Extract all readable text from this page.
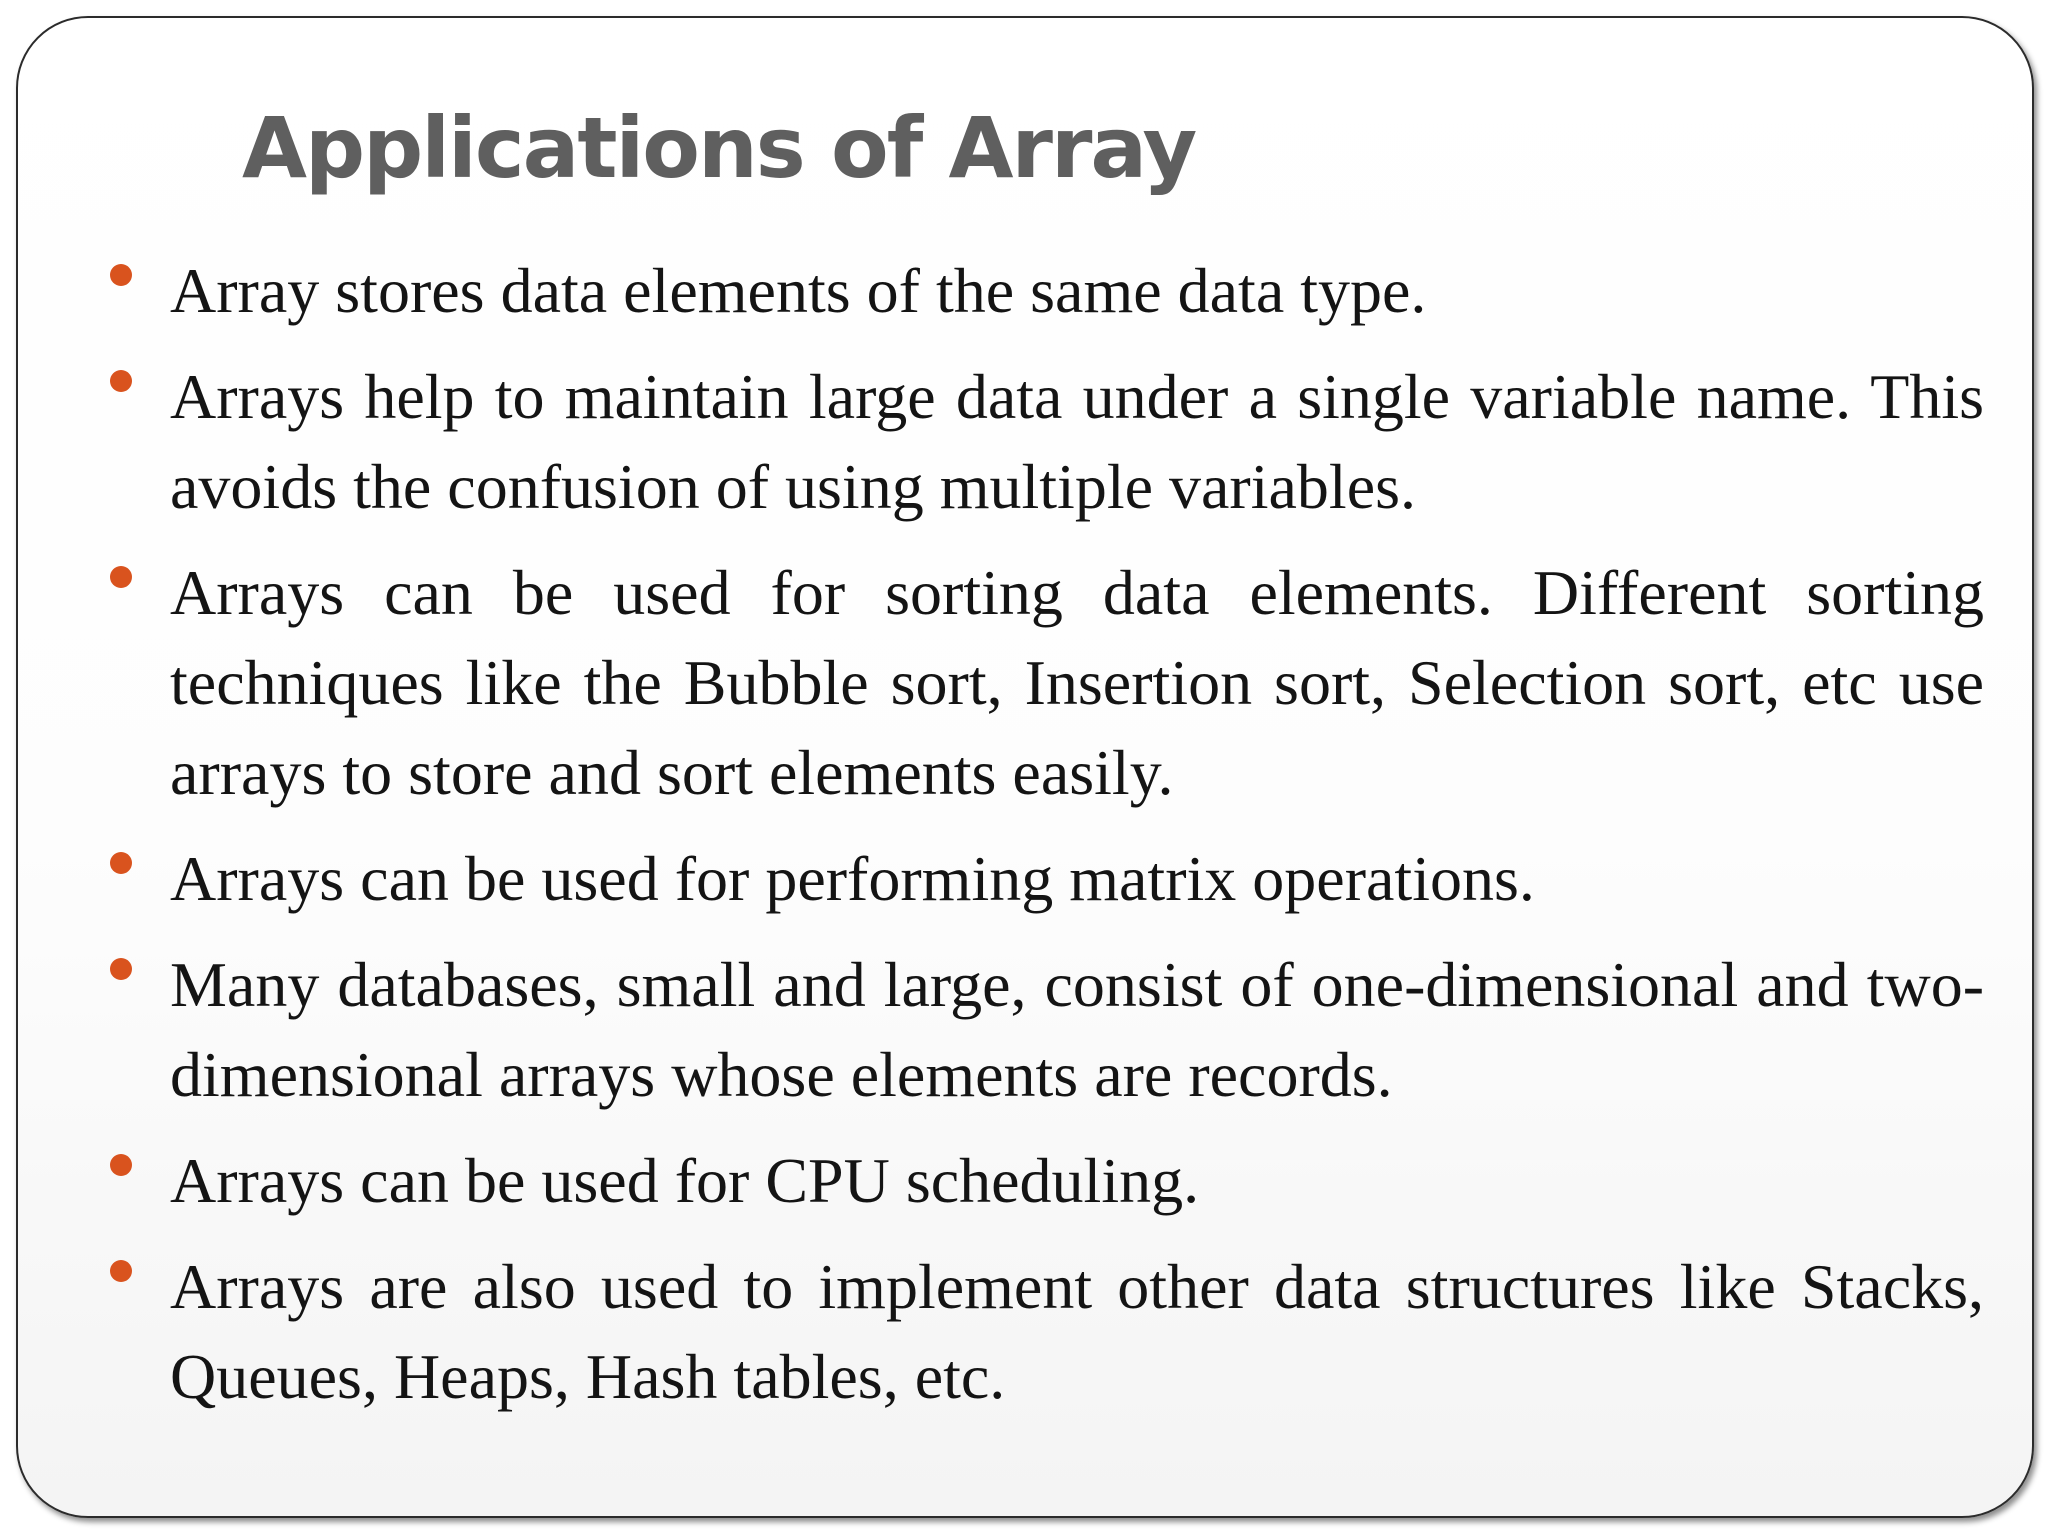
Applications of Array
Array stores data elements of the same data type.
Arrays help to maintain large data under a single variable name. This avoids the confusion of using multiple variables.
Arrays can be used for sorting data elements. Different sorting techniques like the Bubble sort, Insertion sort, Selection sort, etc use arrays to store and sort elements easily.
Arrays can be used for performing matrix operations.
Many databases, small and large, consist of one-dimensional and two-dimensional arrays whose elements are records.
Arrays can be used for CPU scheduling.
Arrays are also used to implement other data structures like Stacks, Queues, Heaps, Hash tables, etc.
